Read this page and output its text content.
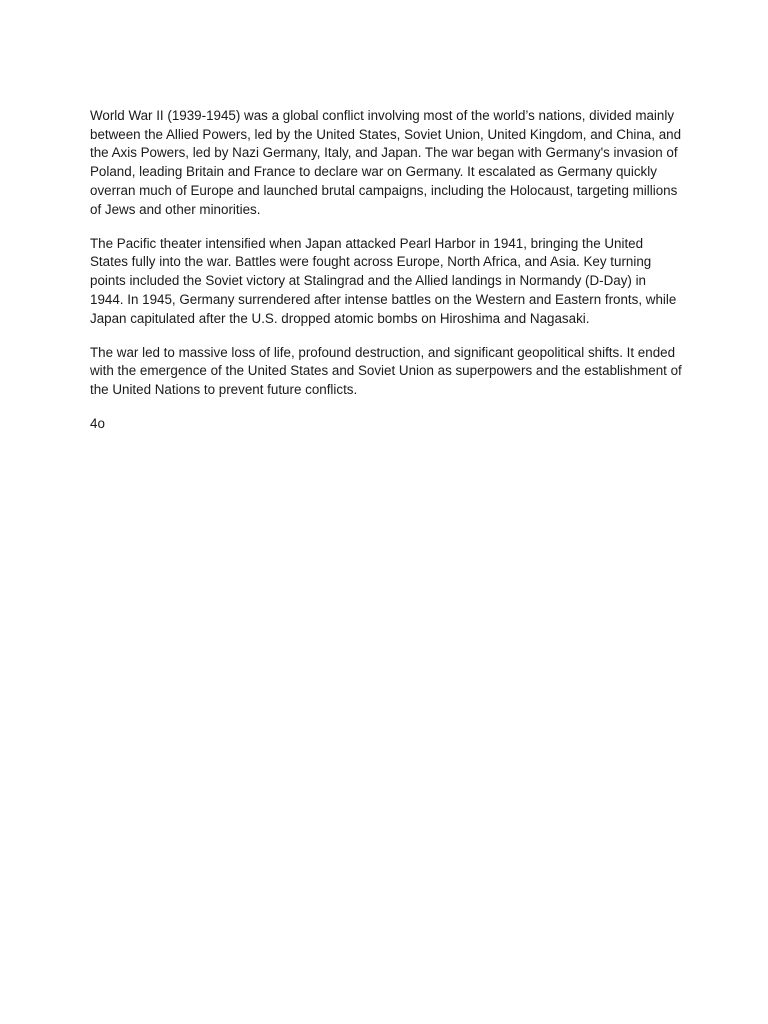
World War II (1939-1945) was a global conflict involving most of the world’s nations, divided mainly between the Allied Powers, led by the United States, Soviet Union, United Kingdom, and China, and the Axis Powers, led by Nazi Germany, Italy, and Japan. The war began with Germany's invasion of Poland, leading Britain and France to declare war on Germany. It escalated as Germany quickly overran much of Europe and launched brutal campaigns, including the Holocaust, targeting millions of Jews and other minorities.

The Pacific theater intensified when Japan attacked Pearl Harbor in 1941, bringing the United States fully into the war. Battles were fought across Europe, North Africa, and Asia. Key turning points included the Soviet victory at Stalingrad and the Allied landings in Normandy (D-Day) in 1944. In 1945, Germany surrendered after intense battles on the Western and Eastern fronts, while Japan capitulated after the U.S. dropped atomic bombs on Hiroshima and Nagasaki.

The war led to massive loss of life, profound destruction, and significant geopolitical shifts. It ended with the emergence of the United States and Soviet Union as superpowers and the establishment of the United Nations to prevent future conflicts.

4o
